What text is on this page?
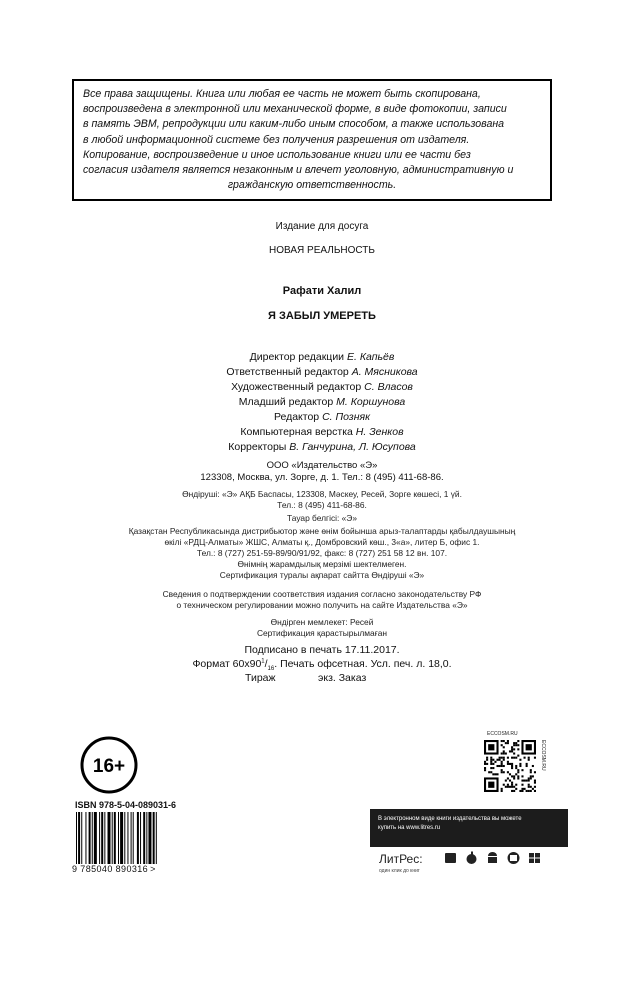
Все права защищены. Книга или любая ее часть не может быть скопирована,
воспроизведена в электронной или механической форме, в виде фотокопии, записи
в память ЭВМ, репродукции или каким-либо иным способом, а также использована
в любой информационной системе без получения разрешения от издателя.
Копирование, воспроизведение и иное использование книги или ее части без
согласия издателя является незаконным и влечет уголовную, административную и
гражданскую ответственность.
Издание для досуга
НОВАЯ РЕАЛЬНОСТЬ
Рафати Халил
Я ЗАБЫЛ УМЕРЕТЬ
Директор редакции Е. Капьёв
Ответственный редактор А. Мясникова
Художественный редактор С. Власов
Младший редактор М. Коршунова
Редактор С. Позняк
Компьютерная верстка Н. Зенков
Корректоры В. Ганчурина, Л. Юсупова
ООО «Издательство «Э»
123308, Москва, ул. Зорге, д. 1. Тел.: 8 (495) 411-68-86.
Өндіруші: «Э» АҚБ Баспасы, 123308, Мәскеу, Ресей, Зорге көшесі, 1 үй.
Тел.: 8 (495) 411-68-86.
Тауар белгісі: «Э»
Қазақстан Республикасында дистрибьютор және өнім бойынша арыз-талаптарды қабылдаушының
өкілі «РДЦ-Алматы» ЖШС, Алматы қ., Домбровский көш., 3«а», литер Б, офис 1.
Тел.: 8 (727) 251-59-89/90/91/92, факс: 8 (727) 251 58 12 вн. 107.
Өнімнің жарамдылық мерзімі шектелмеген.
Сертификация туралы ақпарат сайтта Өндіруші «Э»
Сведения о подтверждении соответствия издания согласно законодательству РФ
о техническом регулировании можно получить на сайте Издательства «Э»
Өндірген мемлекет: Ресей
Сертификация қарастырылмаған
Подписано в печать 17.11.2017.
Формат $60x90^1/_{16}$. Печать офсетная. Усл. печ. л. 18,0.
Тираж	экз. Заказ
16+
ISBN 978-5-04-089031-6
9 785040 890316 >
ECCOSM.RU
ECCOSM.RU
В электронном виде книги издательства вы можете
купить на www.litres.ru
ЛитРес:
один клик до книг
